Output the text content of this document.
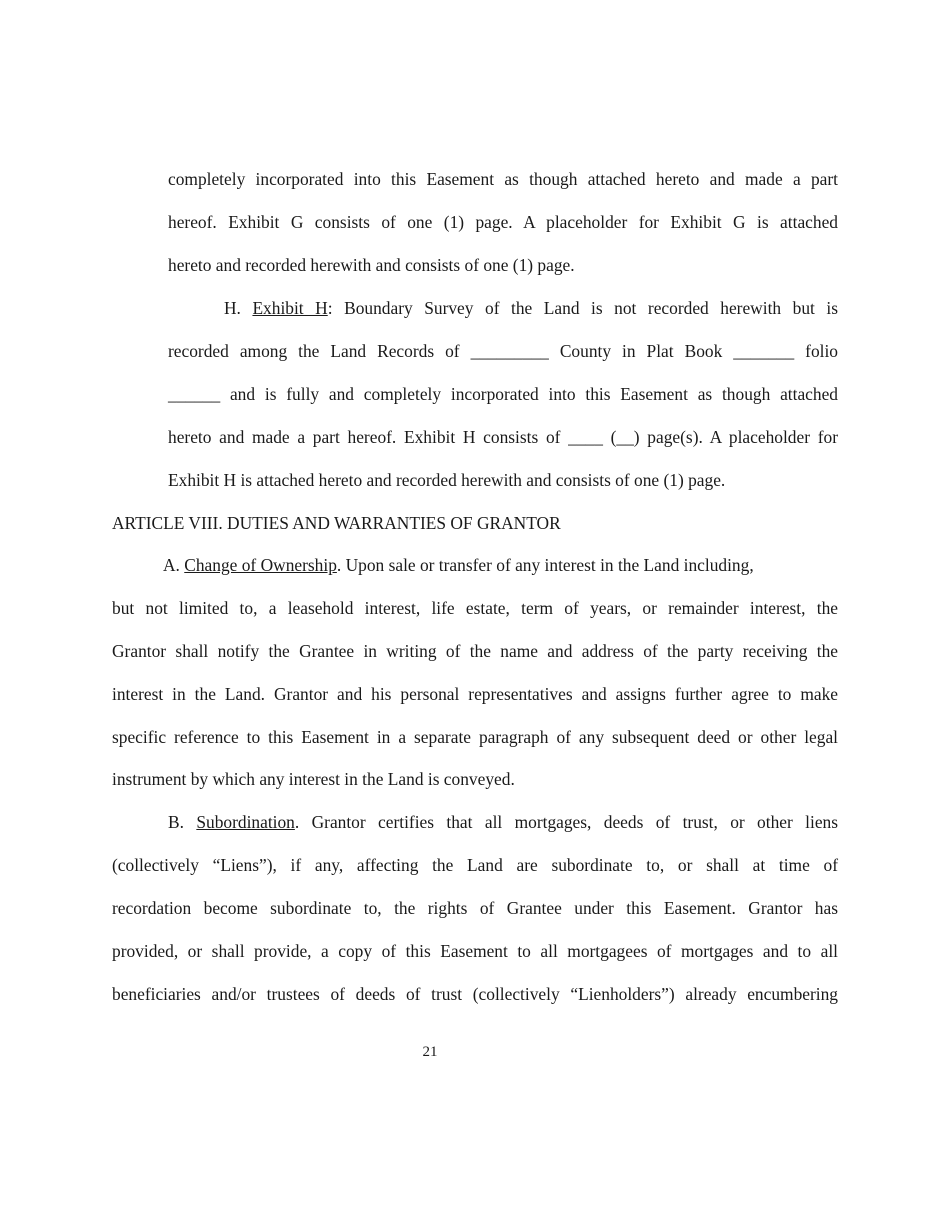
completely incorporated into this Easement as though attached hereto and made a part
hereof. Exhibit G consists of one (1) page. A placeholder for Exhibit G is attached
hereto and recorded herewith and consists of one (1) page.
H. Exhibit H: Boundary Survey of the Land is not recorded herewith but is
recorded among the Land Records of _________ County in Plat Book _______ folio
______ and is fully and completely incorporated into this Easement as though attached
hereto and made a part hereof. Exhibit H consists of ____ (__) page(s). A placeholder for
Exhibit H is attached hereto and recorded herewith and consists of one (1) page.
ARTICLE VIII. DUTIES AND WARRANTIES OF GRANTOR
A. Change of Ownership. Upon sale or transfer of any interest in the Land including,
but not limited to, a leasehold interest, life estate, term of years, or remainder interest, the
Grantor shall notify the Grantee in writing of the name and address of the party receiving the
interest in the Land. Grantor and his personal representatives and assigns further agree to make
specific reference to this Easement in a separate paragraph of any subsequent deed or other legal
instrument by which any interest in the Land is conveyed.
B. Subordination. Grantor certifies that all mortgages, deeds of trust, or other liens
(collectively “Liens”), if any, affecting the Land are subordinate to, or shall at time of
recordation become subordinate to, the rights of Grantee under this Easement. Grantor has
provided, or shall provide, a copy of this Easement to all mortgagees of mortgages and to all
beneficiaries and/or trustees of deeds of trust (collectively “Lienholders”) already encumbering
21
